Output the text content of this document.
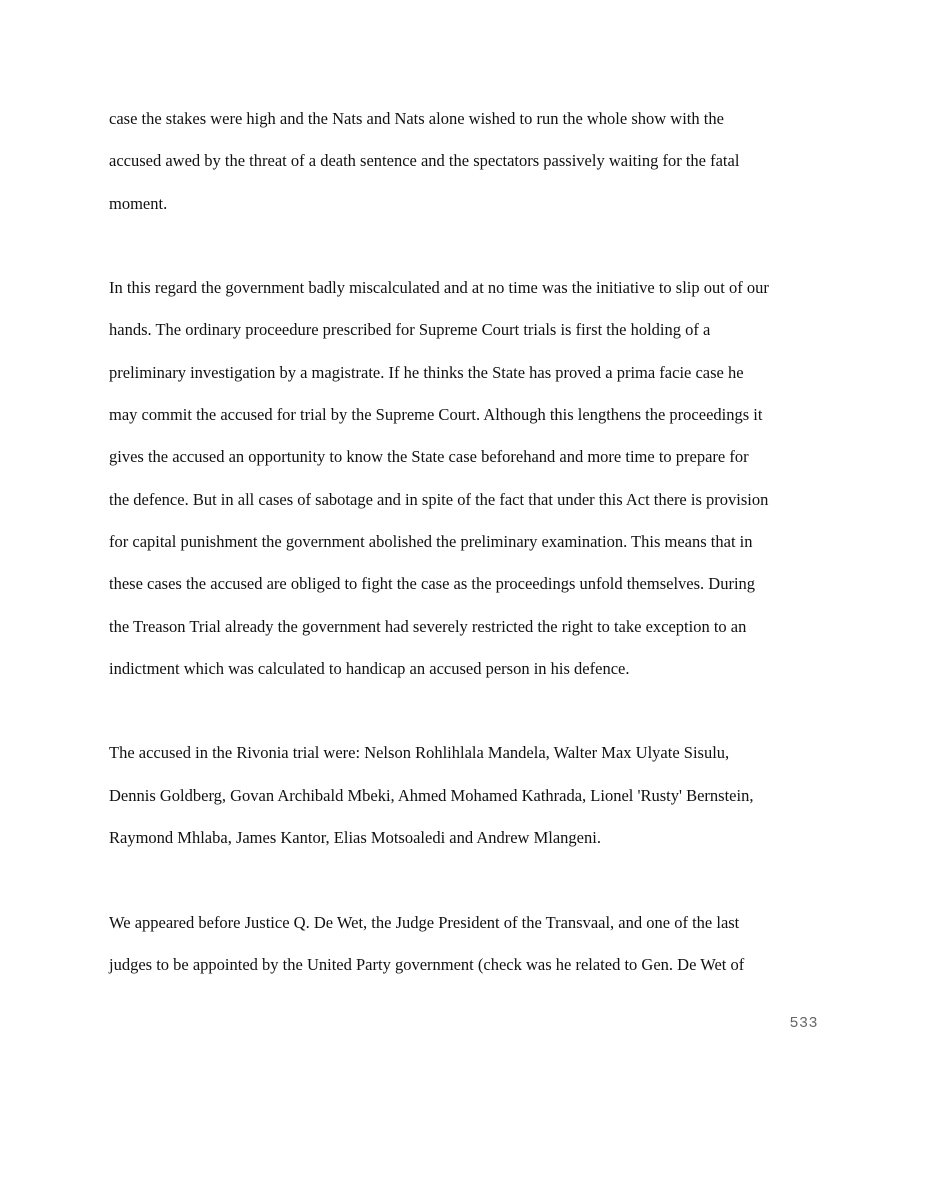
case the stakes were high and the Nats and Nats alone wished to run the whole show with the
accused awed by the threat of a death sentence and the spectators passively waiting for the fatal
moment.
In this regard the government badly miscalculated and at no time was the initiative to slip out of our
hands. The ordinary proceedure prescribed for Supreme Court trials is first the holding of a
preliminary investigation by a magistrate. If he thinks the State has proved a prima facie case he
may commit the accused for trial by the Supreme Court. Although this lengthens the proceedings it
gives the accused an opportunity to know the State case beforehand and more time to prepare for
the defence. But in all cases of sabotage and in spite of the fact that under this Act there is provision
for capital punishment the government abolished the preliminary examination. This means that in
these cases the accused are obliged to fight the case as the proceedings unfold themselves. During
the Treason Trial already the government had severely restricted the right to take exception to an
indictment which was calculated to handicap an accused person in his defence.
The accused in the Rivonia trial were: Nelson Rohlihlala Mandela, Walter Max Ulyate Sisulu,
Dennis Goldberg, Govan Archibald Mbeki, Ahmed Mohamed Kathrada, Lionel 'Rusty' Bernstein,
Raymond Mhlaba, James Kantor, Elias Motsoaledi and Andrew Mlangeni.
We appeared before Justice Q. De Wet, the Judge President of the Transvaal, and one of the last
judges to be appointed by the United Party government (check was he related to Gen. De Wet of
533
